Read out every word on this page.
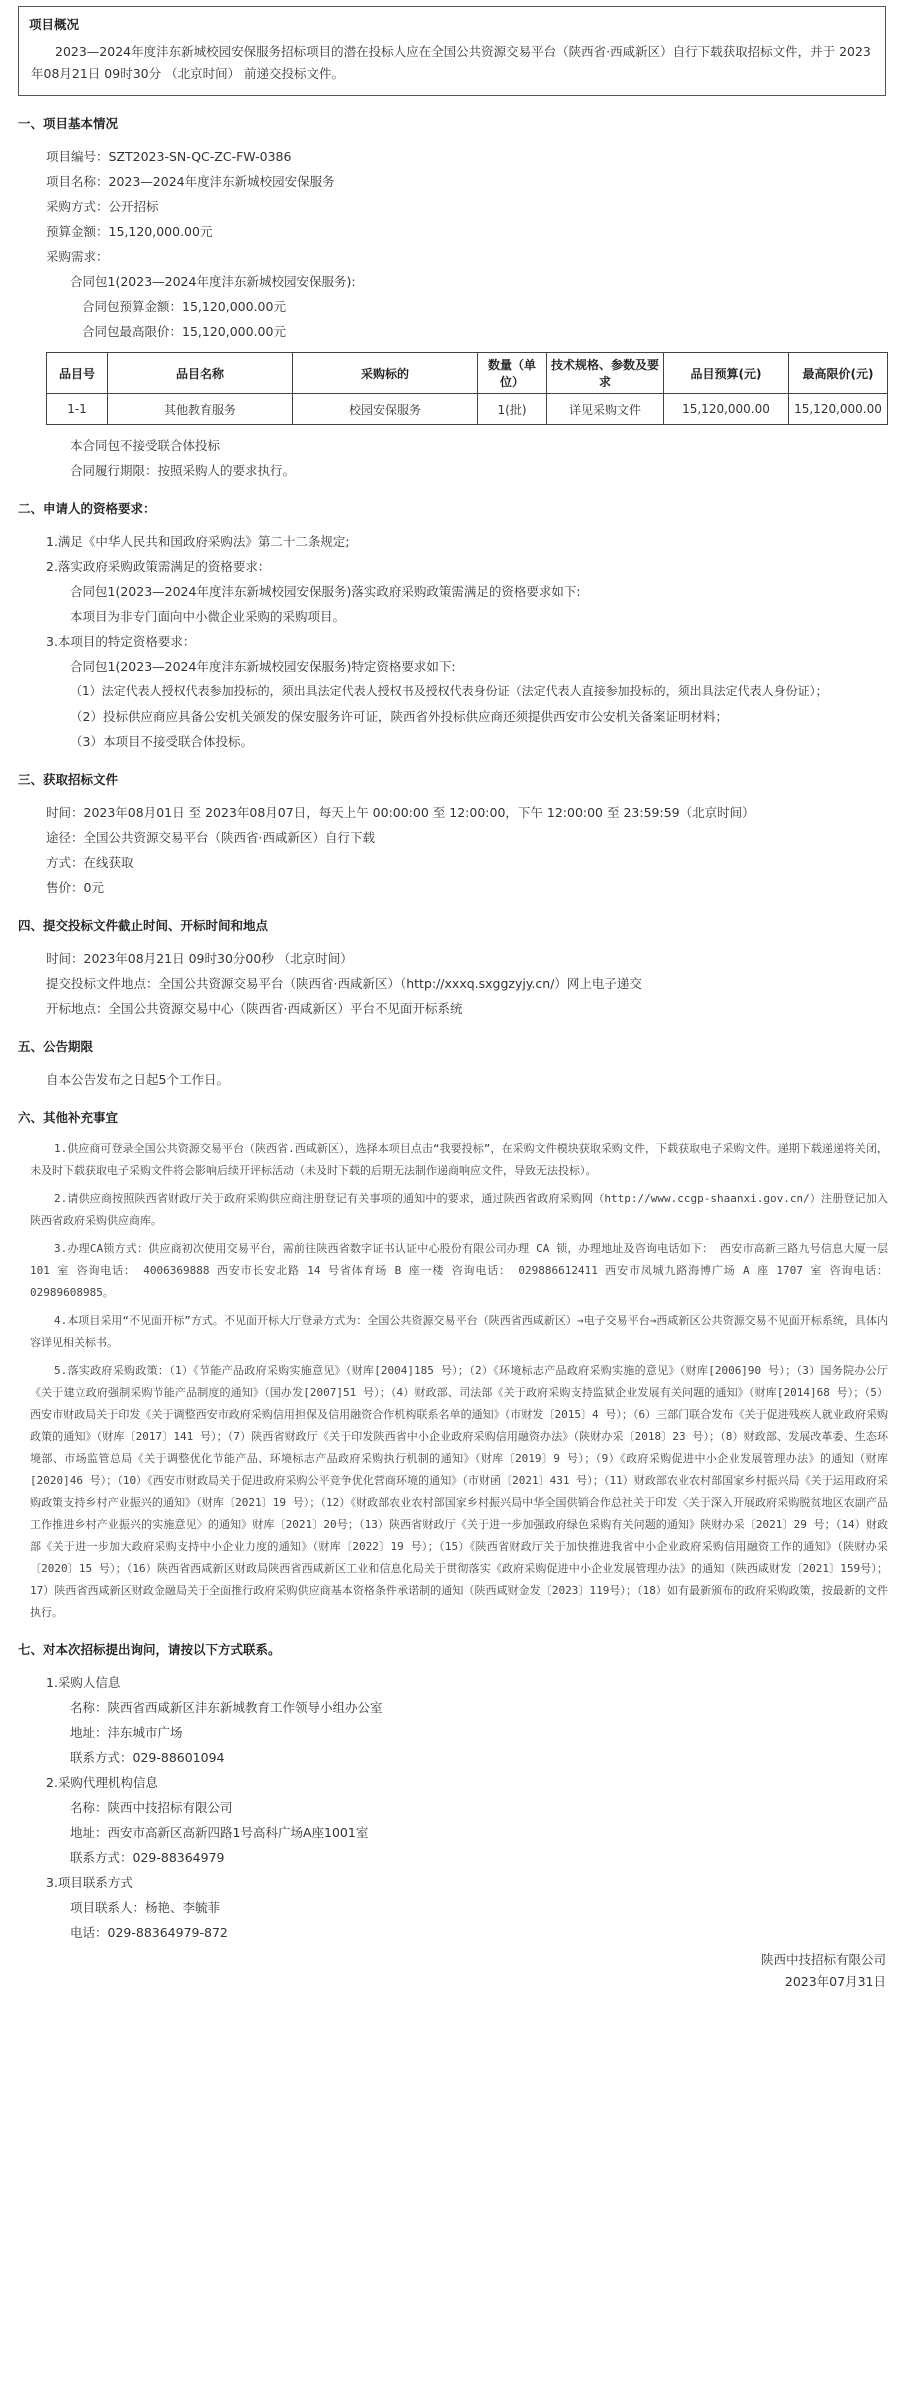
项目概况
2023—2024年度沣东新城校园安保服务招标项目的潜在投标人应在全国公共资源交易平台（陕西省·西咸新区）自行下载获取招标文件，并于 2023年08月21日 09时30分 （北京时间） 前递交投标文件。
一、项目基本情况
项目编号：SZT2023-SN-QC-ZC-FW-0386
项目名称：2023—2024年度沣东新城校园安保服务
采购方式：公开招标
预算金额：15,120,000.00元
采购需求：
合同包1(2023—2024年度沣东新城校园安保服务):
合同包预算金额：15,120,000.00元
合同包最高限价：15,120,000.00元
品目号	品目名称	采购标的	数量（单位）	技术规格、参数及要求	品目预算(元)	最高限价(元)
1-1	其他教育服务	校园安保服务	1(批)	详见采购文件	15,120,000.00	15,120,000.00
本合同包不接受联合体投标
合同履行期限：按照采购人的要求执行。
二、申请人的资格要求：
1.满足《中华人民共和国政府采购法》第二十二条规定;
2.落实政府采购政策需满足的资格要求：
合同包1(2023—2024年度沣东新城校园安保服务)落实政府采购政策需满足的资格要求如下:
本项目为非专门面向中小微企业采购的采购项目。
3.本项目的特定资格要求：
合同包1(2023—2024年度沣东新城校园安保服务)特定资格要求如下:
（1）法定代表人授权代表参加投标的，须出具法定代表人授权书及授权代表身份证（法定代表人直接参加投标的，须出具法定代表人身份证）；
（2）投标供应商应具备公安机关颁发的保安服务许可证，陕西省外投标供应商还须提供西安市公安机关备案证明材料；
（3）本项目不接受联合体投标。
三、获取招标文件
时间：2023年08月01日 至 2023年08月07日，每天上午 00:00:00 至 12:00:00，下午 12:00:00 至 23:59:59（北京时间）
途径：全国公共资源交易平台（陕西省·西咸新区）自行下载
方式：在线获取
售价：0元
四、提交投标文件截止时间、开标时间和地点
时间：2023年08月21日 09时30分00秒 （北京时间）
提交投标文件地点：全国公共资源交易平台（陕西省·西咸新区）（http://xxxq.sxggzyjy.cn/）网上电子递交
开标地点：全国公共资源交易中心（陕西省·西咸新区）平台不见面开标系统
五、公告期限
自本公告发布之日起5个工作日。
六、其他补充事宜

1.供应商可登录全国公共资源交易平台（陕西省.西咸新区），选择本项目点击“我要投标”，在采购文件模块获取采购文件，下载获取电子采购文件。递期下载递递将关闭，未及时下载获取电子采购文件将会影响后续开评标活动（未及时下载的后期无法制作递商响应文件，导致无法投标）。

2.请供应商按照陕西省财政厅关于政府采购供应商注册登记有关事项的通知中的要求，通过陕西省政府采购网（http://www.ccgp-shaanxi.gov.cn/）注册登记加入陕西省政府采购供应商库。

3.办理CA锁方式：供应商初次使用交易平台，需前往陕西省数字证书认证中心股份有限公司办理 CA 锁，办理地址及咨询电话如下： 西安市高新三路九号信息大厦一层 101 室 咨询电话： 4006369888 西安市长安北路 14 号省体育场 B 座一楼 咨询电话： 029886612411 西安市凤城九路海博广场 A 座 1707 室 咨询电话： 02989608985。

4.本项目采用“不见面开标”方式。不见面开标大厅登录方式为：全国公共资源交易平台（陕西省西咸新区）→电子交易平台→西咸新区公共资源交易不见面开标系统，具体内容详见相关标书。

5.落实政府采购政策：（1）《节能产品政府采购实施意见》（财库[2004]185 号）；（2）《环境标志产品政府采购实施的意见》（财库[2006]90 号）；（3）国务院办公厅《关于建立政府强制采购节能产品制度的通知》（国办发[2007]51 号）；（4）财政部、司法部《关于政府采购支持监狱企业发展有关问题的通知》（财库[2014]68 号）；（5）西安市财政局关于印发《关于调整西安市政府采购信用担保及信用融资合作机构联系名单的通知》（市财发〔2015〕4 号）；（6）三部门联合发布《关于促进残疾人就业政府采购政策的通知》（财库〔2017〕141 号）；（7）陕西省财政厅《关于印发陕西省中小企业政府采购信用融资办法》（陕财办采〔2018〕23 号）；（8）财政部、发展改革委、生态环境部、市场监管总局《关于调整优化节能产品、环境标志产品政府采购执行机制的通知》（财库〔2019〕9 号）；（9）《政府采购促进中小企业发展管理办法》的通知（财库[2020]46 号）；（10）《西安市财政局关于促进政府采购公平竞争优化营商环境的通知》（市财函〔2021〕431 号）；（11）财政部农业农村部国家乡村振兴局《关于运用政府采购政策支持乡村产业振兴的通知》（财库〔2021〕19 号）；（12）《财政部农业农村部国家乡村振兴局中华全国供销合作总社关于印发〈关于深入开展政府采购脱贫地区农副产品工作推进乡村产业振兴的实施意见〉的通知》财库〔2021〕20号；（13）陕西省财政厅《关于进一步加强政府绿色采购有关问题的通知》陕财办采〔2021〕29 号；（14）财政部《关于进一步加大政府采购支持中小企业力度的通知》（财库〔2022〕19 号）；（15）《陕西省财政厅关于加快推进我省中小企业政府采购信用融资工作的通知》（陕财办采〔2020〕15 号）；（16）陕西省西咸新区财政局陕西省西咸新区工业和信息化局关于贯彻落实《政府采购促进中小企业发展管理办法》的通知（陕西咸财发〔2021〕159号）；17）陕西省西咸新区财政金融局关于全面推行政府采购供应商基本资格条件承诺制的通知（陕西咸财金发〔2023〕119号）；（18）如有最新颁布的政府采购政策，按最新的文件执行。

七、对本次招标提出询问，请按以下方式联系。
1.采购人信息
名称：陕西省西咸新区沣东新城教育工作领导小组办公室
地址：沣东城市广场
联系方式：029-88601094
2.采购代理机构信息
名称：陕西中技招标有限公司
地址：西安市高新区高新四路1号高科广场A座1001室
联系方式：029-88364979
3.项目联系方式
项目联系人：杨艳、李毓菲
电话：029-88364979-872
陕西中技招标有限公司
2023年07月31日
